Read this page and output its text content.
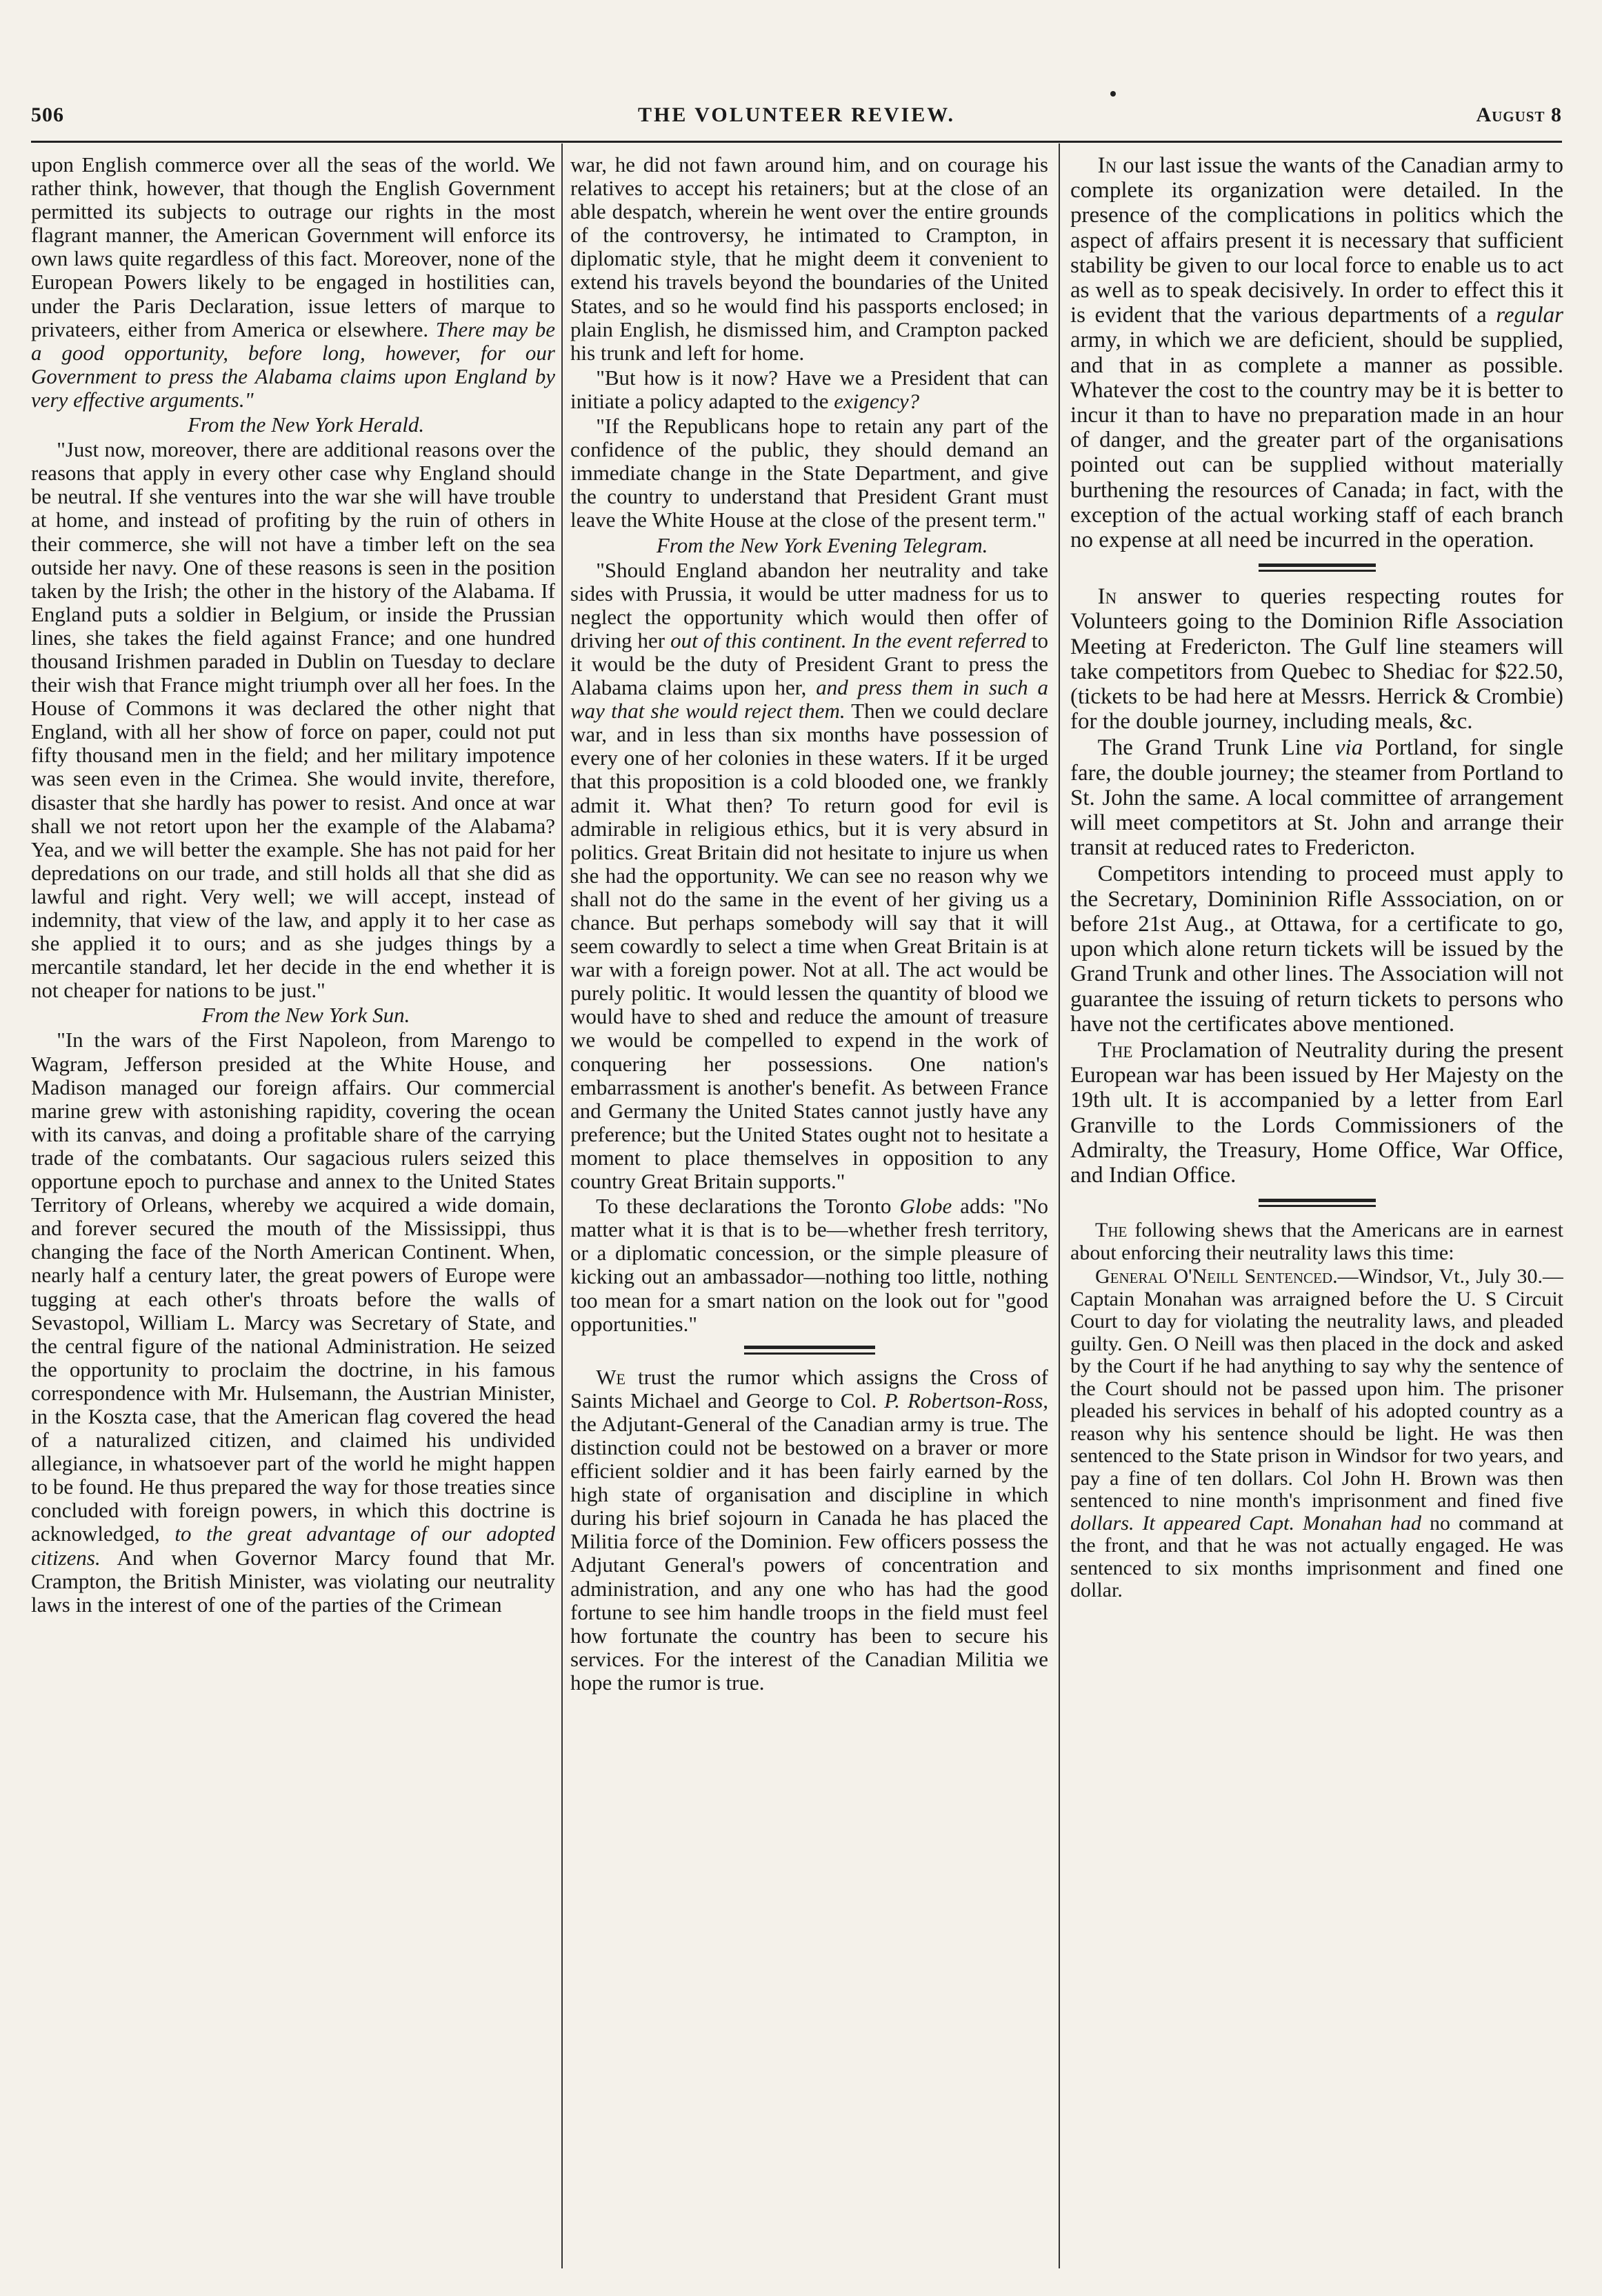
506	THE VOLUNTEER REVIEW.	August 8

upon English commerce over all the seas of the world. We rather think, however, that though the English Government permitted its subjects to outrage our rights in the most flagrant manner, the American Government will enforce its own laws quite regardless of this fact. Moreover, none of the European Powers likely to be engaged in hostilities can, under the Paris Declaration, issue letters of marque to privateers, either from America or elsewhere. There may be a good opportunity, before long, however, for our Government to press the Alabama claims upon England by very effective arguments."

From the New York Herald.

"Just now, moreover, there are additional reasons over the reasons that apply in every other case why England should be neutral. If she ventures into the war she will have trouble at home, and instead of profiting by the ruin of others in their commerce, she will not have a timber left on the sea outside her navy. One of these reasons is seen in the position taken by the Irish; the other in the history of the Alabama. If England puts a soldier in Belgium, or inside the Prussian lines, she takes the field against France; and one hundred thousand Irishmen paraded in Dublin on Tuesday to declare their wish that France might triumph over all her foes. In the House of Commons it was declared the other night that England, with all her show of force on paper, could not put fifty thousand men in the field; and her military impotence was seen even in the Crimea. She would invite, therefore, disaster that she hardly has power to resist. And once at war shall we not retort upon her the example of the Alabama? Yea, and we will better the example. She has not paid for her depredations on our trade, and still holds all that she did as lawful and right. Very well; we will accept, instead of indemnity, that view of the law, and apply it to her case as she applied it to ours; and as she judges things by a mercantile standard, let her decide in the end whether it is not cheaper for nations to be just."

From the New York Sun.

"In the wars of the First Napoleon, from Marengo to Wagram, Jefferson presided at the White House, and Madison managed our foreign affairs. Our commercial marine grew with astonishing rapidity, covering the ocean with its canvas, and doing a profitable share of the carrying trade of the combatants. Our sagacious rulers seized this opportune epoch to purchase and annex to the United States Territory of Orleans, whereby we acquired a wide domain, and forever secured the mouth of the Mississippi, thus changing the face of the North American Continent. When, nearly half a century later, the great powers of Europe were tugging at each other's throats before the walls of Sevastopol, William L. Marcy was Secretary of State, and the central figure of the national Administration. He seized the opportunity to proclaim the doctrine, in his famous correspondence with Mr. Hulsemann, the Austrian Minister, in the Koszta case, that the American flag covered the head of a naturalized citizen, and claimed his undivided allegiance, in whatsoever part of the world he might happen to be found. He thus prepared the way for those treaties since concluded with foreign powers, in which this doctrine is acknowledged, to the great advantage of our adopted citizens. And when Governor Marcy found that Mr. Crampton, the British Minister, was violating our neutrality laws in the interest of one of the parties of the Crimean

war, he did not fawn around him, and on courage his relatives to accept his retainers; but at the close of an able despatch, wherein he went over the entire grounds of the controversy, he intimated to Crampton, in diplomatic style, that he might deem it convenient to extend his travels beyond the boundaries of the United States, and so he would find his passports enclosed; in plain English, he dismissed him, and Crampton packed his trunk and left for home.

"But how is it now? Have we a President that can initiate a policy adapted to the exigency?

"If the Republicans hope to retain any part of the confidence of the public, they should demand an immediate change in the State Department, and give the country to understand that President Grant must leave the White House at the close of the present term."

From the New York Evening Telegram.

"Should England abandon her neutrality and take sides with Prussia, it would be utter madness for us to neglect the opportunity which would then offer of driving her out of this continent. In the event referred to it would be the duty of President Grant to press the Alabama claims upon her, and press them in such a way that she would reject them. Then we could declare war, and in less than six months have possession of every one of her colonies in these waters. If it be urged that this proposition is a cold blooded one, we frankly admit it. What then? To return good for evil is admirable in religious ethics, but it is very absurd in politics. Great Britain did not hesitate to injure us when she had the opportunity. We can see no reason why we shall not do the same in the event of her giving us a chance. But perhaps somebody will say that it will seem cowardly to select a time when Great Britain is at war with a foreign power. Not at all. The act would be purely politic. It would lessen the quantity of blood we would have to shed and reduce the amount of treasure we would be compelled to expend in the work of conquering her possessions. One nation's embarrassment is another's benefit. As between France and Germany the United States cannot justly have any preference; but the United States ought not to hesitate a moment to place themselves in opposition to any country Great Britain supports."

To these declarations the Toronto Globe adds: "No matter what it is that is to be—whether fresh territory, or a diplomatic concession, or the simple pleasure of kicking out an ambassador—nothing too little, nothing too mean for a smart nation on the look out for "good opportunities."

We trust the rumor which assigns the Cross of Saints Michael and George to Col. P. Robertson-Ross, the Adjutant-General of the Canadian army is true. The distinction could not be bestowed on a braver or more efficient soldier and it has been fairly earned by the high state of organisation and discipline in which during his brief sojourn in Canada he has placed the Militia force of the Dominion. Few officers possess the Adjutant General's powers of concentration and administration, and any one who has had the good fortune to see him handle troops in the field must feel how fortunate the country has been to secure his services. For the interest of the Canadian Militia we hope the rumor is true.

In our last issue the wants of the Canadian army to complete its organization were detailed. In the presence of the complications in politics which the aspect of affairs present it is necessary that sufficient stability be given to our local force to enable us to act as well as to speak decisively. In order to effect this it is evident that the various departments of a regular army, in which we are deficient, should be supplied, and that in as complete a manner as possible. Whatever the cost to the country may be it is better to incur it than to have no preparation made in an hour of danger, and the greater part of the organisations pointed out can be supplied without materially burthening the resources of Canada; in fact, with the exception of the actual working staff of each branch no expense at all need be incurred in the operation.

In answer to queries respecting routes for Volunteers going to the Dominion Rifle Association Meeting at Fredericton. The Gulf line steamers will take competitors from Quebec to Shediac for $22.50, (tickets to be had here at Messrs. Herrick & Crombie) for the double journey, including meals, &c.

The Grand Trunk Line via Portland, for single fare, the double journey; the steamer from Portland to St. John the same. A local committee of arrangement will meet competitors at St. John and arrange their transit at reduced rates to Fredericton.

Competitors intending to proceed must apply to the Secretary, Domininion Rifle Asssociation, on or before 21st Aug., at Ottawa, for a certificate to go, upon which alone return tickets will be issued by the Grand Trunk and other lines. The Association will not guarantee the issuing of return tickets to persons who have not the certificates above mentioned.

The Proclamation of Neutrality during the present European war has been issued by Her Majesty on the 19th ult. It is accompanied by a letter from Earl Granville to the Lords Commissioners of the Admiralty, the Treasury, Home Office, War Office, and Indian Office.

The following shews that the Americans are in earnest about enforcing their neutrality laws this time:

General O'Neill Sentenced.—Windsor, Vt., July 30.—Captain Monahan was arraigned before the U. S Circuit Court to day for violating the neutrality laws, and pleaded guilty. Gen. O Neill was then placed in the dock and asked by the Court if he had anything to say why the sentence of the Court should not be passed upon him. The prisoner pleaded his services in behalf of his adopted country as a reason why his sentence should be light. He was then sentenced to the State prison in Windsor for two years, and pay a fine of ten dollars. Col John H. Brown was then sentenced to nine month's imprisonment and fined five dollars. It appeared Capt. Monahan had no command at the front, and that he was not actually engaged. He was sentenced to six months imprisonment and fined one dollar.
